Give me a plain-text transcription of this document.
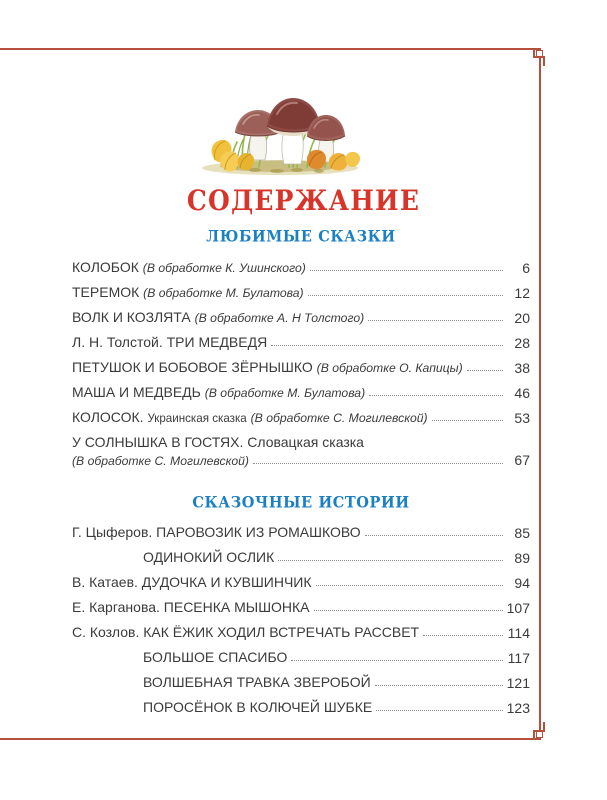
СОДЕРЖАНИЕ
ЛЮБИМЫЕ СКАЗКИ
КОЛОБОК (В обработке К. Ушинского)	6
ТЕРЕМОК (В обработке М. Булатова)	12
ВОЛК И КОЗЛЯТА (В обработке А. Н Толстого)	20
Л. Н. Толстой. ТРИ МЕДВЕДЯ	28
ПЕТУШОК И БОБОВОЕ ЗЁРНЫШКО (В обработке О. Капицы)	38
МАША И МЕДВЕДЬ (В обработке М. Булатова)	46
КОЛОСОК. Украинская сказка (В обработке С. Могилевской)	53
У СОЛНЫШКА В ГОСТЯХ. Словацкая сказка
(В обработке С. Могилевской)	67
СКАЗОЧНЫЕ ИСТОРИИ
Г. Цыферов. ПАРОВОЗИК ИЗ РОМАШКОВО	85
ОДИНОКИЙ ОСЛИК	89
В. Катаев. ДУДОЧКА И КУВШИНЧИК	94
Е. Карганова. ПЕСЕНКА МЫШОНКА	107
С. Козлов. КАК ЁЖИК ХОДИЛ ВСТРЕЧАТЬ РАССВЕТ	114
БОЛЬШОЕ СПАСИБО	117
ВОЛШЕБНАЯ ТРАВКА ЗВЕРОБОЙ	121
ПОРОСЁНОК В КОЛЮЧЕЙ ШУБКЕ	123
